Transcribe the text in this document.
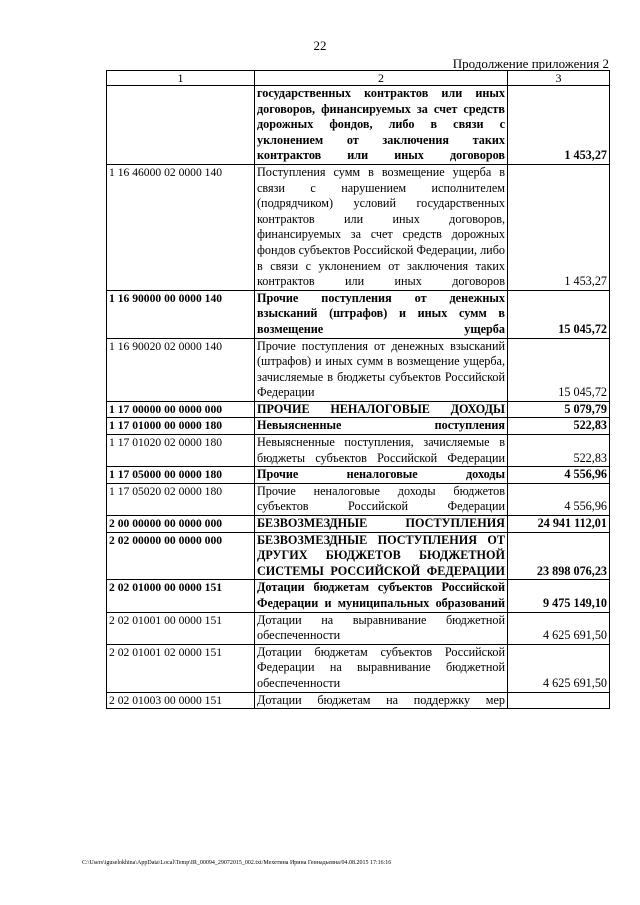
22
Продолжение приложения 2
1	2	3
	государственных контрактов или иных договоров, финансируемых за счет средств дорожных фондов, либо в связи с уклонением от заключения таких контрактов или иных договоров	1 453,27
1 16 46000 02 0000 140	Поступления сумм в возмещение ущерба в связи с нарушением исполнителем (подрядчиком) условий государственных контрактов или иных договоров, финансируемых за счет средств дорожных фондов субъектов Российской Федерации, либо в связи с уклонением от заключения таких контрактов или иных договоров	1 453,27
1 16 90000 00 0000 140	Прочие поступления от денежных взысканий (штрафов) и иных сумм в возмещение ущерба	15 045,72
1 16 90020 02 0000 140	Прочие поступления от денежных взысканий (штрафов) и иных сумм в возмещение ущерба, зачисляемые в бюджеты субъектов Российской Федерации	15 045,72
1 17 00000 00 0000 000	ПРОЧИЕ НЕНАЛОГОВЫЕ ДОХОДЫ	5 079,79
1 17 01000 00 0000 180	Невыясненные поступления	522,83
1 17 01020 02 0000 180	Невыясненные поступления, зачисляемые в бюджеты субъектов Российской Федерации	522,83
1 17 05000 00 0000 180	Прочие неналоговые доходы	4 556,96
1 17 05020 02 0000 180	Прочие неналоговые доходы бюджетов субъектов Российской Федерации	4 556,96
2 00 00000 00 0000 000	БЕЗВОЗМЕЗДНЫЕ ПОСТУПЛЕНИЯ	24 941 112,01
2 02 00000 00 0000 000	БЕЗВОЗМЕЗДНЫЕ ПОСТУПЛЕНИЯ ОТ ДРУГИХ БЮДЖЕТОВ БЮДЖЕТНОЙ СИСТЕМЫ РОССИЙСКОЙ ФЕДЕРАЦИИ	23 898 076,23
2 02 01000 00 0000 151	Дотации бюджетам субъектов Российской Федерации и муниципальных образований	9 475 149,10
2 02 01001 00 0000 151	Дотации на выравнивание бюджетной обеспеченности	4 625 691,50
2 02 01001 02 0000 151	Дотации бюджетам субъектов Российской Федерации на выравнивание бюджетной обеспеченности	4 625 691,50
2 02 01003 00 0000 151	Дотации бюджетам на поддержку мер	
C:\Users\iguselokhina\AppData\Local\Temp\IR_00094_29072015_002.txt/Мехетина Ирина Геннадьевна/04.08.2015 17:16:16
